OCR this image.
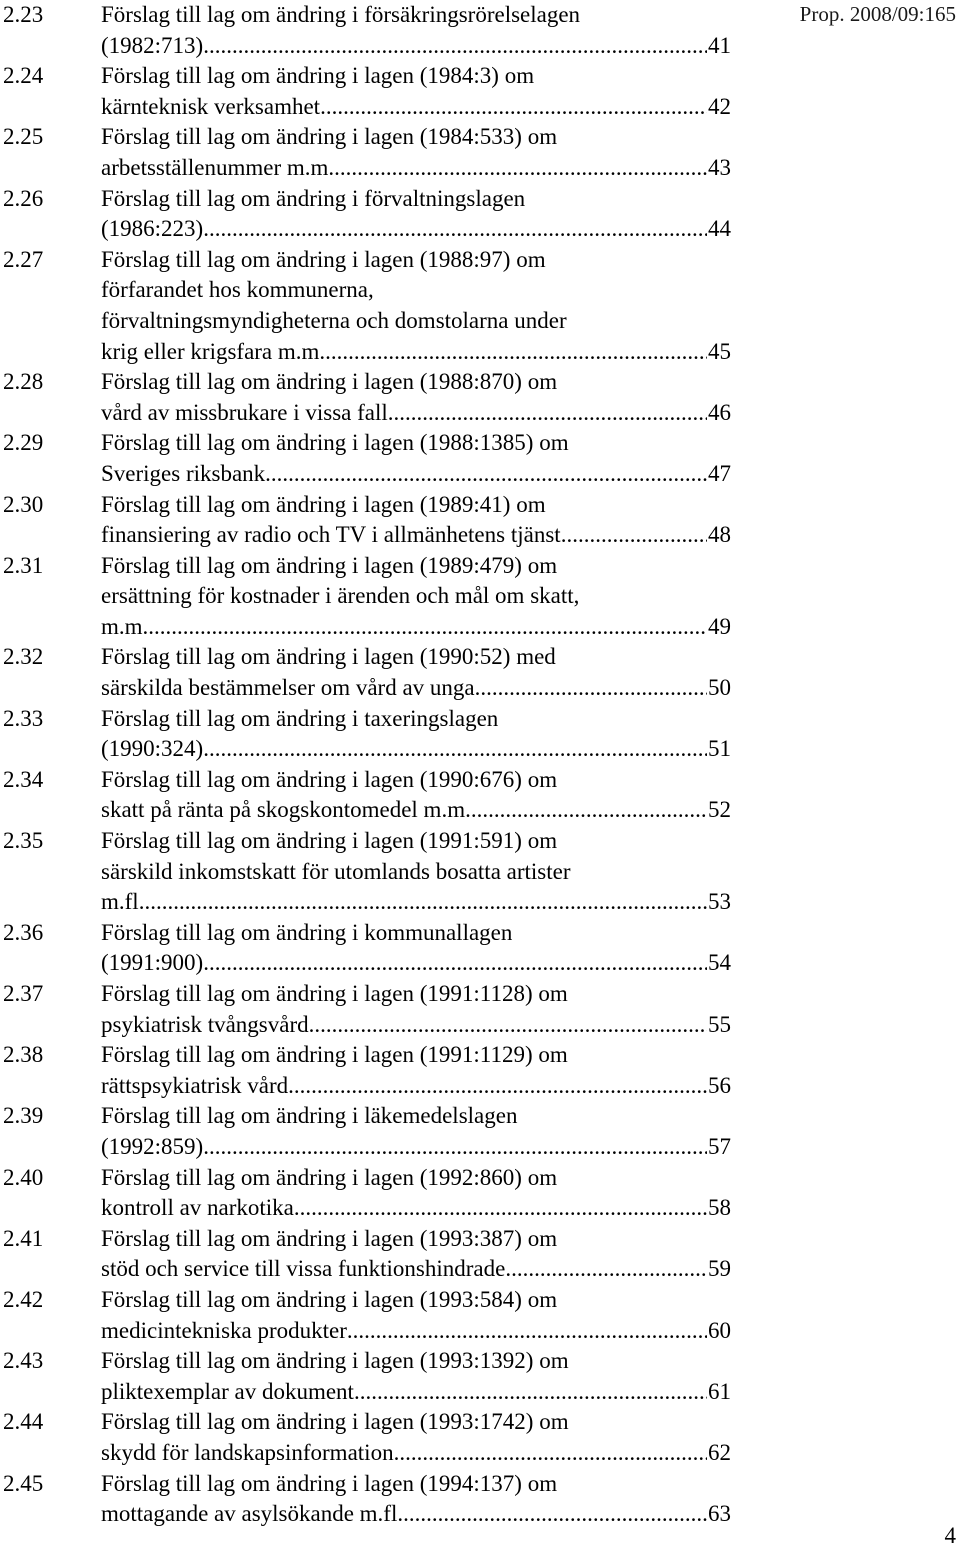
Prop. 2008/09:165
2.23	Förslag till lag om ändring i försäkringsrörelselagen
(1982:713) .....	41
2.24	Förslag till lag om ändring i lagen (1984:3) om
kärnteknisk verksamhet .....	42
2.25	Förslag till lag om ändring i lagen (1984:533) om
arbetsställenummer m.m. .....	43
2.26	Förslag till lag om ändring i förvaltningslagen
(1986:223) .....	44
2.27	Förslag till lag om ändring i lagen (1988:97) om
förfarandet hos kommunerna,
förvaltningsmyndigheterna och domstolarna under
krig eller krigsfara m.m. .....	45
2.28	Förslag till lag om ändring i lagen (1988:870) om
vård av missbrukare i vissa fall .....	46
2.29	Förslag till lag om ändring i lagen (1988:1385) om
Sveriges riksbank .....	47
2.30	Förslag till lag om ändring i lagen (1989:41) om
finansiering av radio och TV i allmänhetens tjänst .....	48
2.31	Förslag till lag om ändring i lagen (1989:479) om
ersättning för kostnader i ärenden och mål om skatt,
m.m. .....	49
2.32	Förslag till lag om ändring i lagen (1990:52) med
särskilda bestämmelser om vård av unga .....	50
2.33	Förslag till lag om ändring i taxeringslagen
(1990:324) .....	51
2.34	Förslag till lag om ändring i lagen (1990:676) om
skatt på ränta på skogskontomedel m.m. .....	52
2.35	Förslag till lag om ändring i lagen (1991:591) om
särskild inkomstskatt för utomlands bosatta artister
m.fl. .....	53
2.36	Förslag till lag om ändring i kommunallagen
(1991:900) .....	54
2.37	Förslag till lag om ändring i lagen (1991:1128) om
psykiatrisk tvångsvård .....	55
2.38	Förslag till lag om ändring i lagen (1991:1129) om
rättspsykiatrisk vård .....	56
2.39	Förslag till lag om ändring i läkemedelslagen
(1992:859) .....	57
2.40	Förslag till lag om ändring i lagen (1992:860) om
kontroll av narkotika .....	58
2.41	Förslag till lag om ändring i lagen (1993:387) om
stöd och service till vissa funktionshindrade .....	59
2.42	Förslag till lag om ändring i lagen (1993:584) om
medicintekniska produkter .....	60
2.43	Förslag till lag om ändring i lagen (1993:1392) om
pliktexemplar av dokument .....	61
2.44	Förslag till lag om ändring i lagen (1993:1742) om
skydd för landskapsinformation .....	62
2.45	Förslag till lag om ändring i lagen (1994:137) om
mottagande av asylsökande m.fl. .....	63
4
